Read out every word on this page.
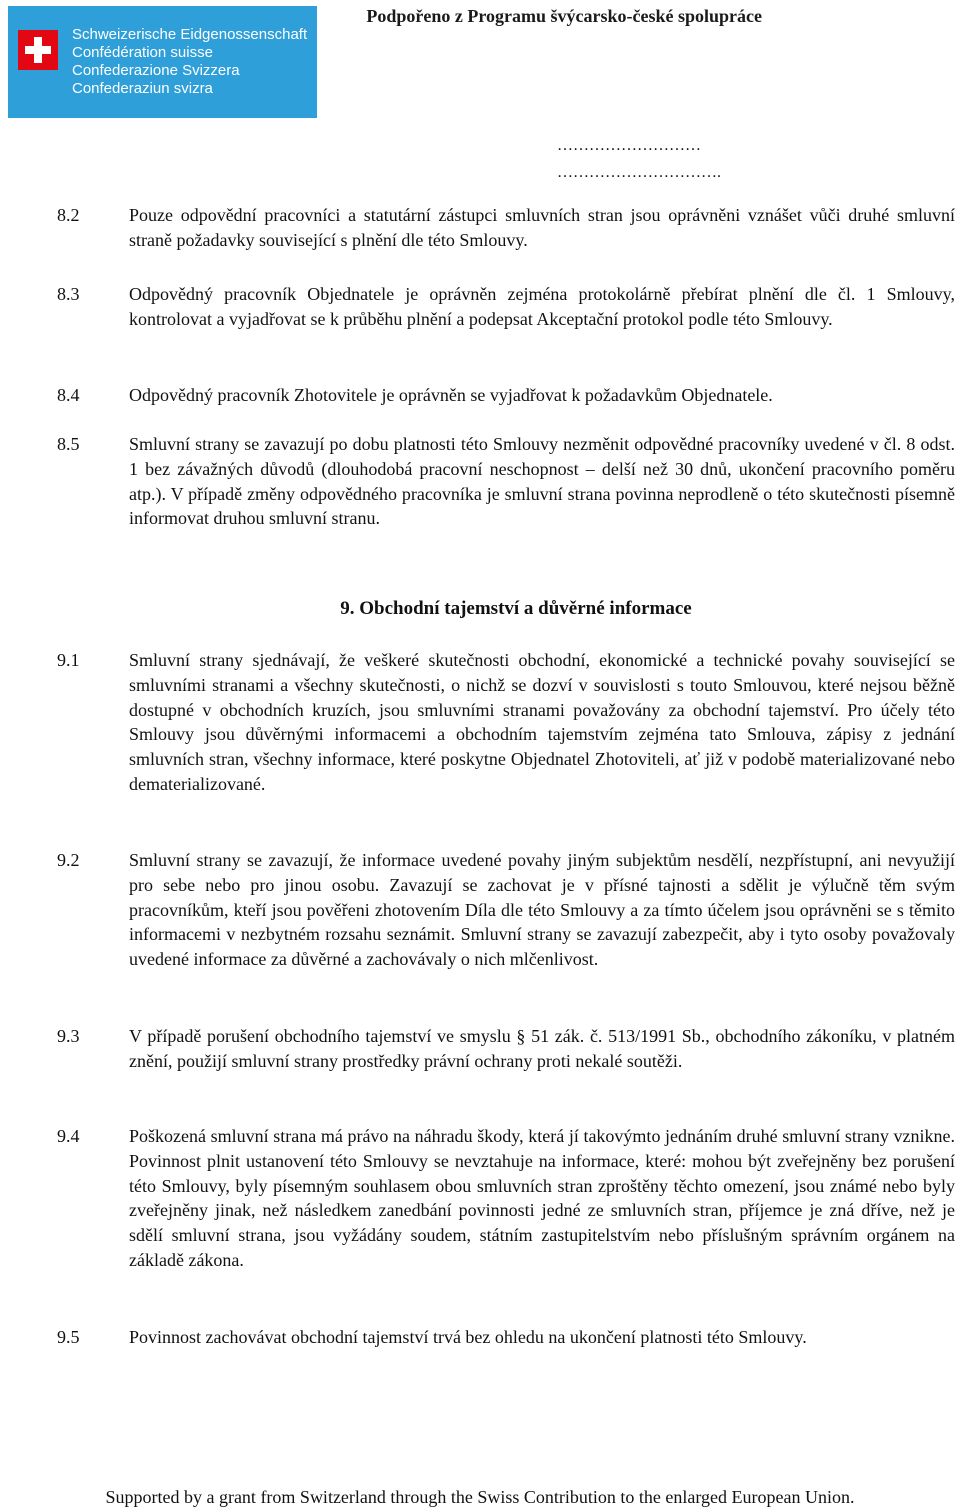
Schweizerische Eidgenossenschaft
Confédération suisse
Confederazione Svizzera
Confederaziun svizra
Podpořeno z Programu švýcarsko-české spolupráce
………………………
………………………….
8.2	Pouze odpovědní pracovníci a statutární zástupci smluvních stran jsou oprávněni vznášet vůči druhé smluvní straně požadavky související s plnění dle této Smlouvy.
8.3	Odpovědný pracovník Objednatele je oprávněn zejména protokolárně přebírat plnění dle čl. 1 Smlouvy, kontrolovat a vyjadřovat se k průběhu plnění a podepsat Akceptační protokol podle této Smlouvy.
8.4	Odpovědný pracovník Zhotovitele je oprávněn se vyjadřovat k požadavkům Objednatele.
8.5	Smluvní strany se zavazují po dobu platnosti této Smlouvy nezměnit odpovědné pracovníky uvedené v čl. 8 odst. 1 bez závažných důvodů (dlouhodobá pracovní neschopnost – delší než 30 dnů, ukončení pracovního poměru atp.). V případě změny odpovědného pracovníka je smluvní strana povinna neprodleně o této skutečnosti písemně informovat druhou smluvní stranu.
9. Obchodní tajemství a důvěrné informace
9.1	Smluvní strany sjednávají, že veškeré skutečnosti obchodní, ekonomické a technické povahy související se smluvními stranami a všechny skutečnosti, o nichž se dozví v souvislosti s touto Smlouvou, které nejsou běžně dostupné v obchodních kruzích, jsou smluvními stranami považovány za obchodní tajemství. Pro účely této Smlouvy jsou důvěrnými informacemi a obchodním tajemstvím zejména tato Smlouva, zápisy z jednání smluvních stran, všechny informace, které poskytne Objednatel Zhotoviteli, ať již v podobě materializované nebo dematerializované.
9.2	Smluvní strany se zavazují, že informace uvedené povahy jiným subjektům nesdělí, nezpřístupní, ani nevyužijí pro sebe nebo pro jinou osobu. Zavazují se zachovat je v přísné tajnosti a sdělit je výlučně těm svým pracovníkům, kteří jsou pověřeni zhotovením Díla dle této Smlouvy a za tímto účelem jsou oprávněni se s těmito informacemi v nezbytném rozsahu seznámit. Smluvní strany se zavazují zabezpečit, aby i tyto osoby považovaly uvedené informace za důvěrné a zachovávaly o nich mlčenlivost.
9.3	V případě porušení obchodního tajemství ve smyslu § 51 zák. č. 513/1991 Sb., obchodního zákoníku, v platném znění, použijí smluvní strany prostředky právní ochrany proti nekalé soutěži.
9.4	Poškozená smluvní strana má právo na náhradu škody, která jí takovýmto jednáním druhé smluvní strany vznikne. Povinnost plnit ustanovení této Smlouvy se nevztahuje na informace, které: mohou být zveřejněny bez porušení této Smlouvy, byly písemným souhlasem obou smluvních stran zproštěny těchto omezení, jsou známé nebo byly zveřejněny jinak, než následkem zanedbání povinnosti jedné ze smluvních stran, příjemce je zná dříve, než je sdělí smluvní strana, jsou vyžádány soudem, státním zastupitelstvím nebo příslušným správním orgánem na základě zákona.
9.5	Povinnost zachovávat obchodní tajemství trvá bez ohledu na ukončení platnosti této Smlouvy.
Supported by a grant from Switzerland through the Swiss Contribution to the enlarged European Union.
